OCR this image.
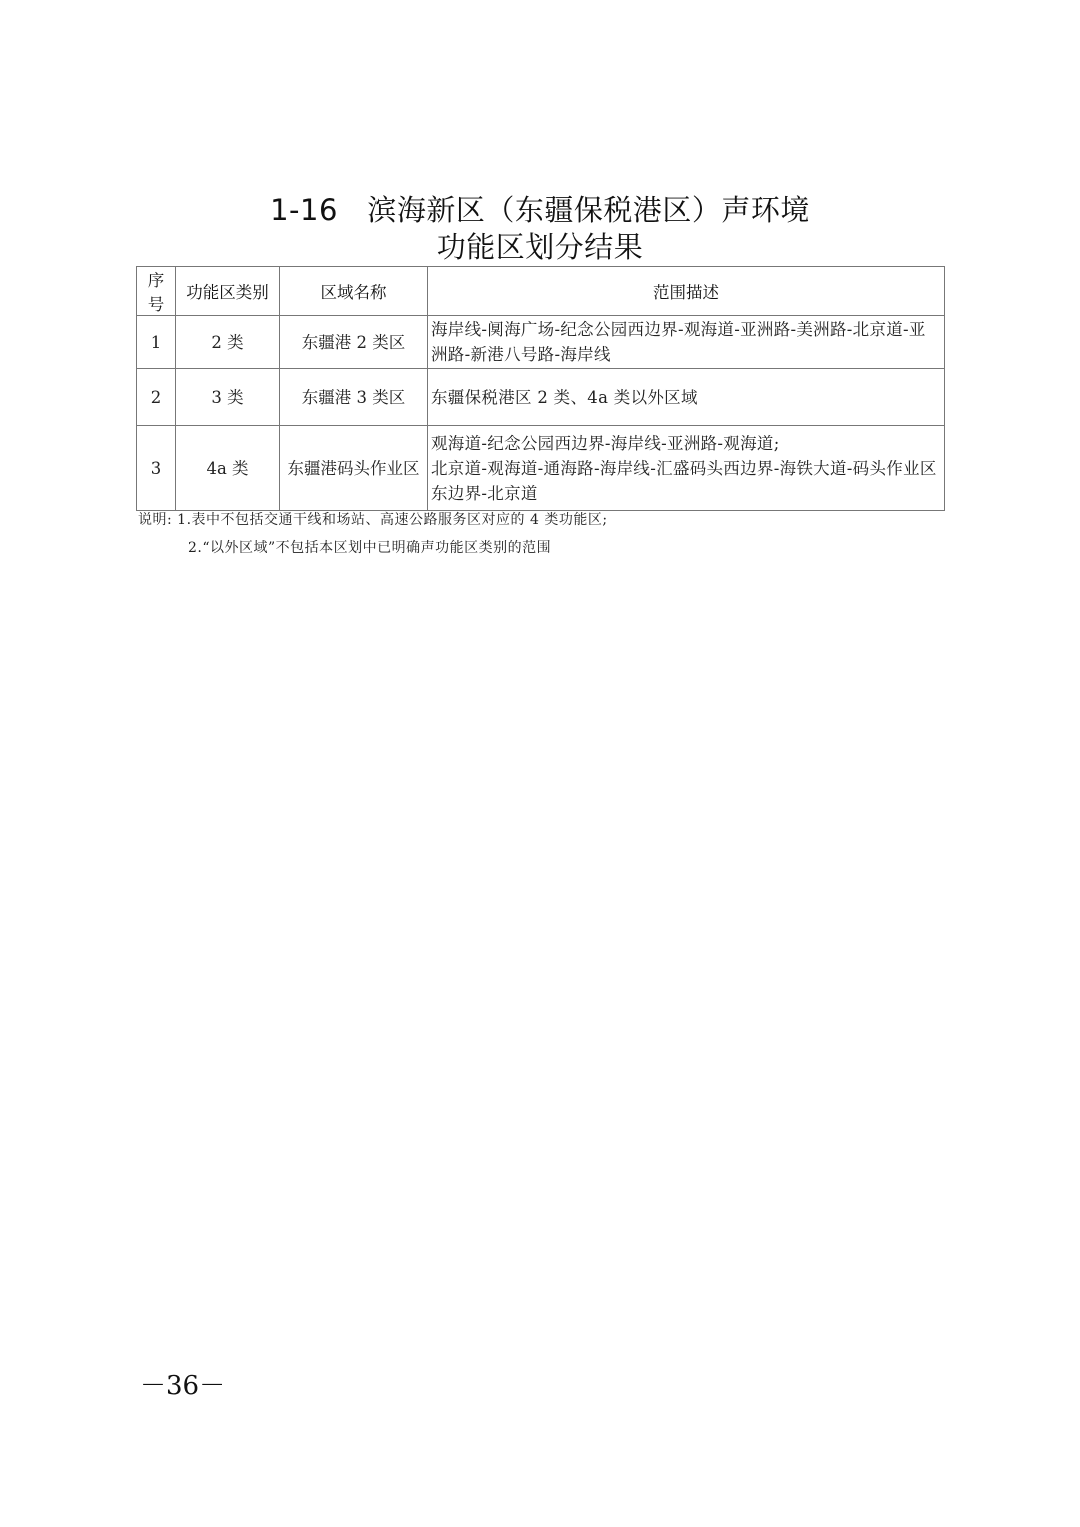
1-16　滨海新区（东疆保税港区）声环境
功能区划分结果
序号	功能区类别	区域名称	范围描述
1	2 类	东疆港 2 类区	海岸线-阒海广场-纪念公园西边界-观海道-亚洲路-美洲路-北京道-亚洲路-新港八号路-海岸线
2	3 类	东疆港 3 类区	东疆保税港区 2 类、4a 类以外区域
3	4a 类	东疆港码头作业区	观海道-纪念公园西边界-海岸线-亚洲路-观海道;
北京道-观海道-通海路-海岸线-汇盛码头西边界-海铁大道-码头作业区东边界-北京道
说明: 1.表中不包括交通干线和场站、高速公路服务区对应的 4 类功能区;
2.“以外区域”不包括本区划中已明确声功能区类别的范围
－36－
